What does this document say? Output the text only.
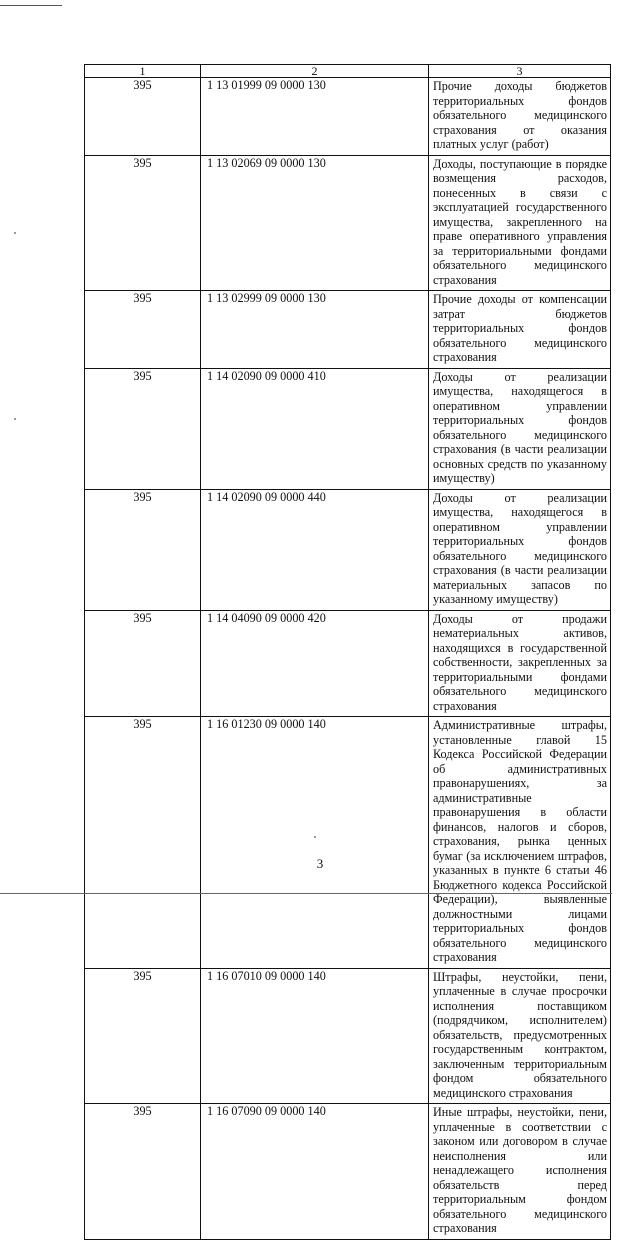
1	2	3
395	1 13 01999 09 0000 130	Прочие доходы бюджетов территориальных фондов обязательного медицинского страхования от оказания платных услуг (работ)
395	1 13 02069 09 0000 130	Доходы, поступающие в порядке возмещения расходов, понесенных в связи с эксплуатацией государственного имущества, закрепленного на праве оперативного управления за территориальными фондами обязательного медицинского страхования
395	1 13 02999 09 0000 130	Прочие доходы от компенсации затрат бюджетов территориальных фондов обязательного медицинского страхования
395	1 14 02090 09 0000 410	Доходы от реализации имущества, находящегося в оперативном управлении территориальных фондов обязательного медицинского страхования (в части реализации основных средств по указанному имуществу)
395	1 14 02090 09 0000 440	Доходы от реализации имущества, находящегося в оперативном управлении территориальных фондов обязательного медицинского страхования (в части реализации материальных запасов по указанному имуществу)
395	1 14 04090 09 0000 420	Доходы от продажи нематериальных активов, находящихся в государственной собственности, закрепленных за территориальными фондами обязательного медицинского страхования
395	1 16 01230 09 0000 140	Административные штрафы, установленные главой 15 Кодекса Российской Федерации об административных правонарушениях, за административные правонарушения в области финансов, налогов и сборов, страхования, рынка ценных бумаг (за исключением штрафов, указанных в пункте 6 статьи 46 Бюджетного кодекса Российской Федерации), выявленные должностными лицами территориальных фондов обязательного медицинского страхования
395	1 16 07010 09 0000 140	Штрафы, неустойки, пени, уплаченные в случае просрочки исполнения поставщиком (подрядчиком, исполнителем) обязательств, предусмотренных государственным контрактом, заключенным территориальным фондом обязательного медицинского страхования
395	1 16 07090 09 0000 140	Иные штрафы, неустойки, пени, уплаченные в соответствии с законом или договором в случае неисполнения или ненадлежащего исполнения обязательств перед территориальным фондом обязательного медицинского страхования
3
